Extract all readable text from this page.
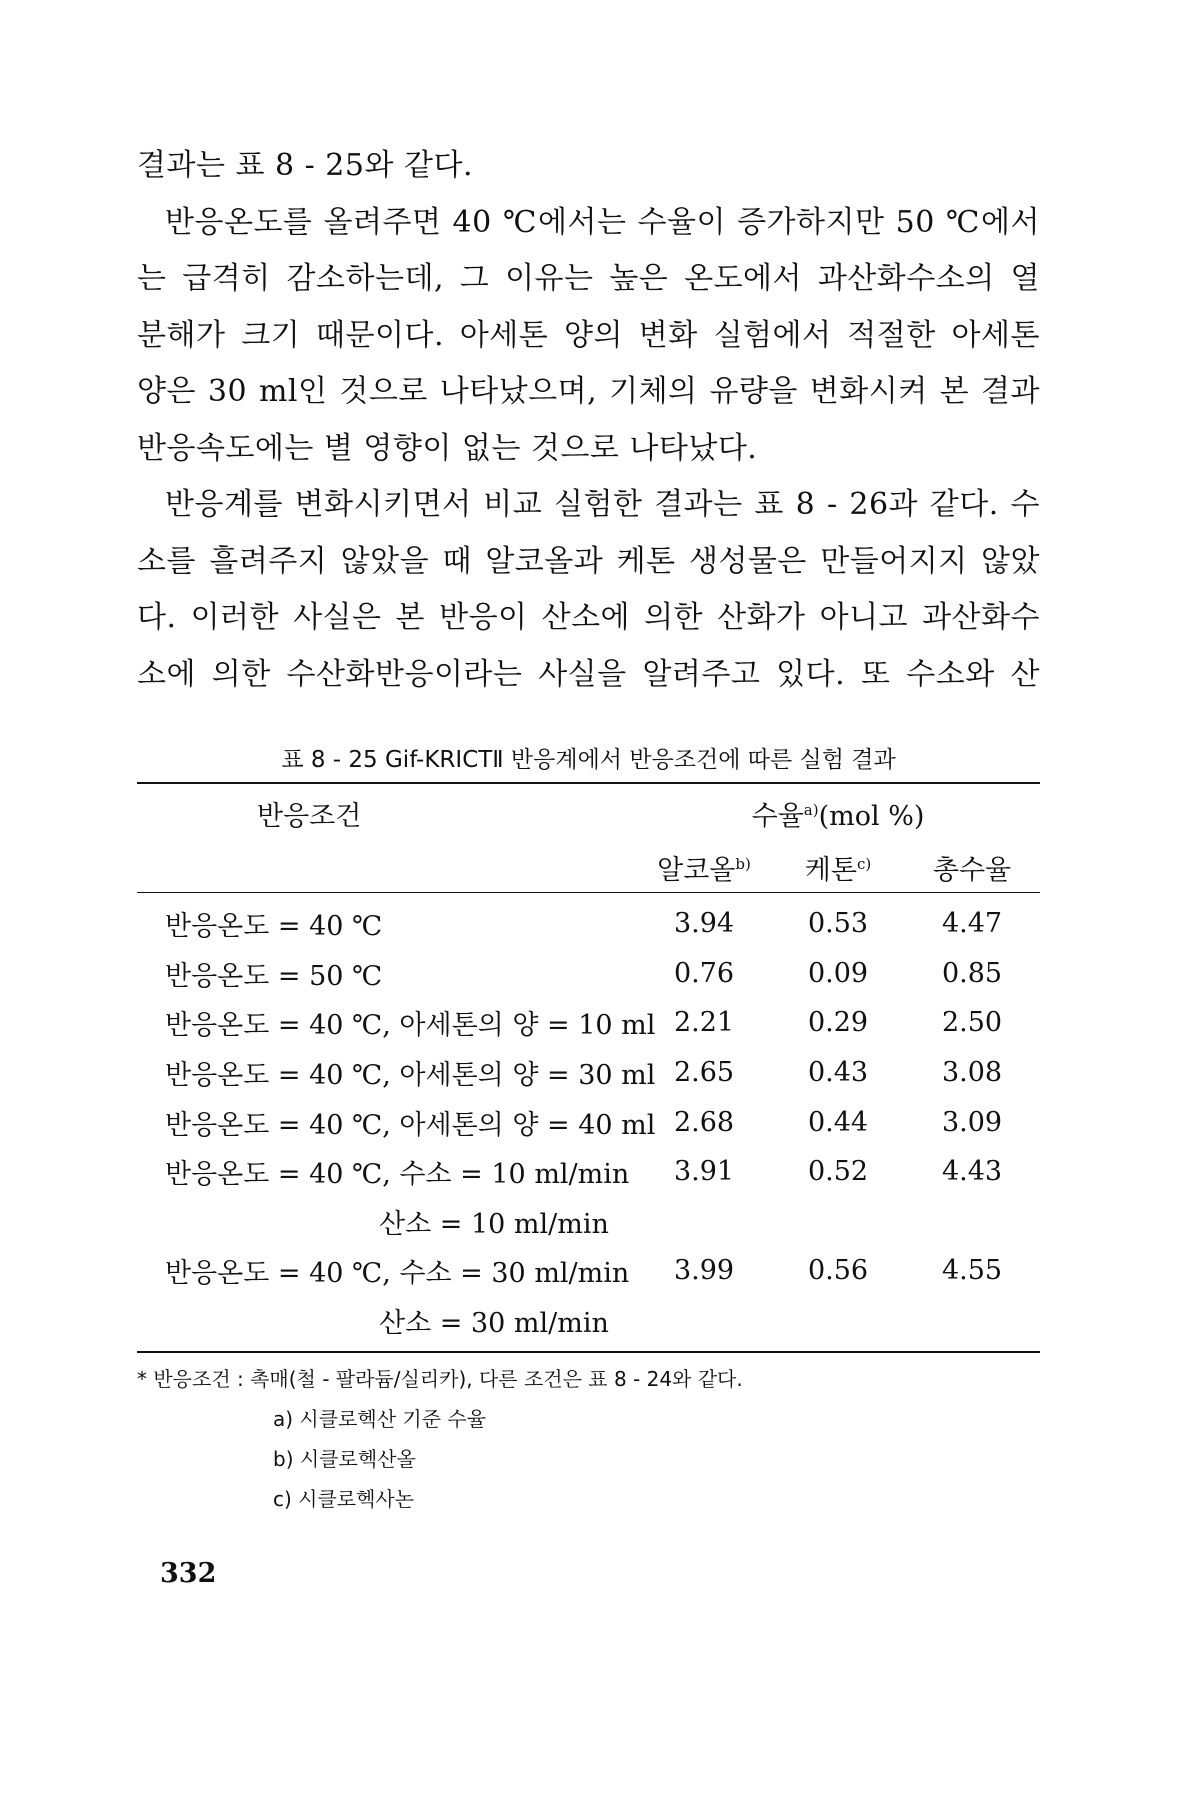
결과는 표 8 - 25와 같다.
반응온도를 올려주면 40 ℃에서는 수율이 증가하지만 50 ℃에서
는 급격히 감소하는데, 그 이유는 높은 온도에서 과산화수소의 열
분해가 크기 때문이다. 아세톤 양의 변화 실험에서 적절한 아세톤
양은 30 ml인 것으로 나타났으며, 기체의 유량을 변화시켜 본 결과
반응속도에는 별 영향이 없는 것으로 나타났다.
반응계를 변화시키면서 비교 실험한 결과는 표 8 - 26과 같다. 수
소를 흘려주지 않았을 때 알코올과 케톤 생성물은 만들어지지 않았
다. 이러한 사실은 본 반응이 산소에 의한 산화가 아니고 과산화수
소에 의한 수산화반응이라는 사실을 알려주고 있다. 또 수소와 산
표 8 - 25 Gif-KRICTⅡ 반응계에서 반응조건에 따른 실험 결과
반응조건	수율$^{a)}$(mol %)
알코올$^{b)}$	케톤$^{c)}$	총수율
반응온도 = 40 ℃	3.94	0.53	4.47
반응온도 = 50 ℃	0.76	0.09	0.85
반응온도 = 40 ℃, 아세톤의 양 = 10 ml 2.21	0.29	2.50
반응온도 = 40 ℃, 아세톤의 양 = 30 ml 2.65	0.43	3.08
반응온도 = 40 ℃, 아세톤의 양 = 40 ml 2.68	0.44	3.09
반응온도 = 40 ℃, 수소 = 10 ml/min	3.91	0.52	4.43
산소 = 10 ml/min
반응온도 = 40 ℃, 수소 = 30 ml/min	3.99	0.56	4.55
산소 = 30 ml/min
* 반응조건 : 촉매(철 - 팔라듐/실리카), 다른 조건은 표 8 - 24와 같다.
a) 시클로헥산 기준 수율
b) 시클로헥산올
c) 시클로헥사논
332
